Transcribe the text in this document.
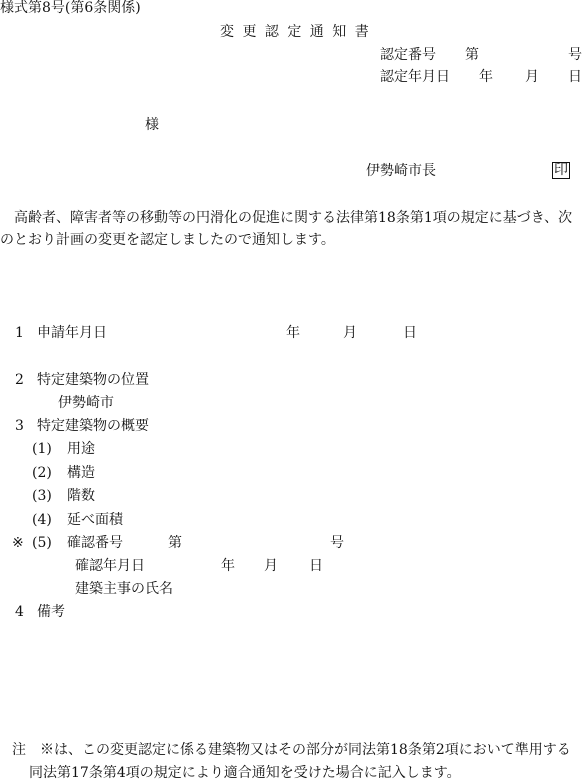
様式第8号(第6条関係)
変 更 認 定 通 知 書
認定番号 第	号
認定年月日 年 月 日
様
伊勢崎市長	印
高齢者、障害者等の移動等の円滑化の促進に関する法律第18条第1項の規定に基づき、次のとおり計画の変更を認定しましたので通知します。
1 申請年月日	年	月	日
2 特定建築物の位置
伊勢崎市
3 特定建築物の概要
(1) 用途
(2) 構造
(3) 階数
(4) 延べ面積
※ (5) 確認番号	第	号
確認年月日	年 月 日
建築主事の氏名
4 備考
注 ※は、この変更認定に係る建築物又はその部分が同法第18条第2項において準用する
同法第17条第4項の規定により適合通知を受けた場合に記入します。
